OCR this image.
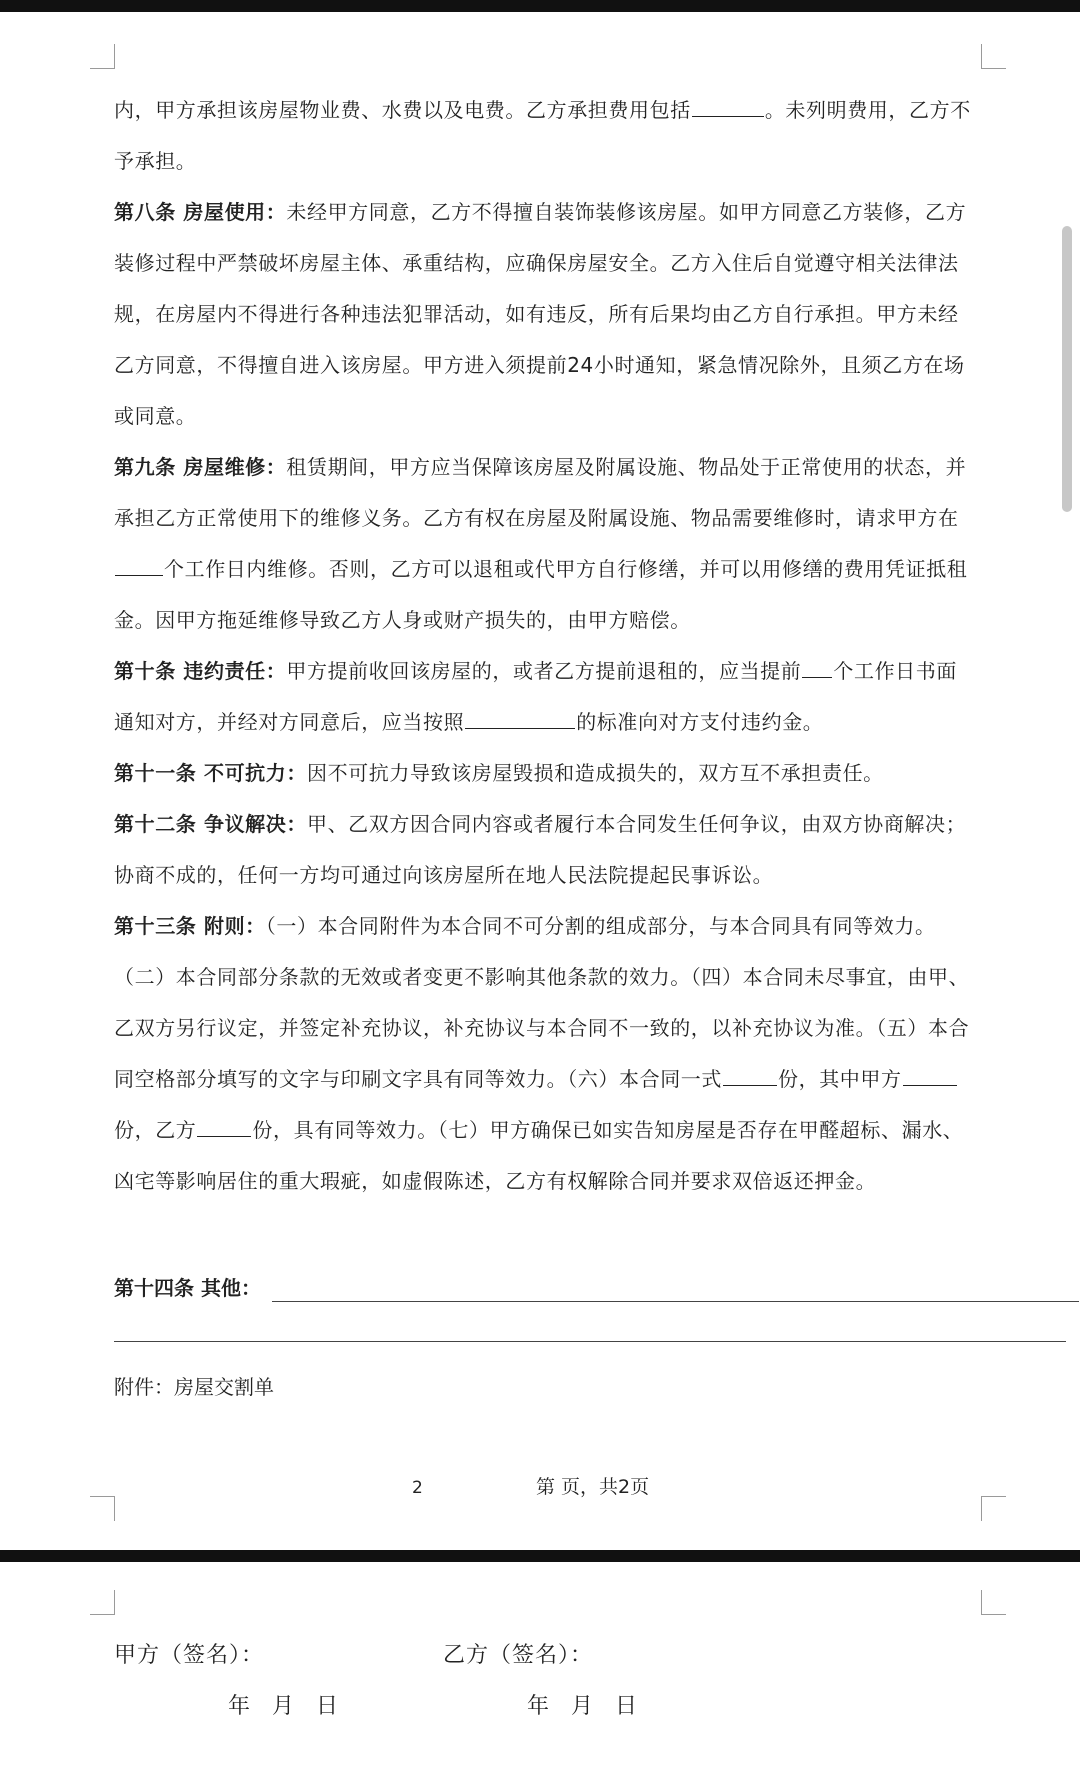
内，甲方承担该房屋物业费、水费以及电费。乙方承担费用包括	。未列明费用，乙方不予承担。

第八条 房屋使用：未经甲方同意，乙方不得擅自装饰装修该房屋。如甲方同意乙方装修，乙方装修过程中严禁破坏房屋主体、承重结构，应确保房屋安全。乙方入住后自觉遵守相关法律法规，在房屋内不得进行各种违法犯罪活动，如有违反，所有后果均由乙方自行承担。甲方未经乙方同意，不得擅自进入该房屋。甲方进入须提前24小时通知，紧急情况除外，且须乙方在场或同意。

第九条 房屋维修：租赁期间，甲方应当保障该房屋及附属设施、物品处于正常使用的状态，并承担乙方正常使用下的维修义务。乙方有权在房屋及附属设施、物品需要维修时，请求甲方在个工作日内维修。否则，乙方可以退租或代甲方自行修缮，并可以用修缮的费用凭证抵租金。因甲方拖延维修导致乙方人身或财产损失的，由甲方赔偿。

第十条 违约责任：甲方提前收回该房屋的，或者乙方提前退租的，应当提前 个工作日书面通知对方，并经对方同意后，应当按照	的标准向对方支付违约金。

第十一条 不可抗力：因不可抗力导致该房屋毁损和造成损失的，双方互不承担责任。

第十二条 争议解决：甲、乙双方因合同内容或者履行本合同发生任何争议，由双方协商解决；协商不成的，任何一方均可通过向该房屋所在地人民法院提起民事诉讼。

第十三条 附则：（一）本合同附件为本合同不可分割的组成部分，与本合同具有同等效力。（二）本合同部分条款的无效或者变更不影响其他条款的效力。（四）本合同未尽事宜，由甲、乙双方另行议定，并签定补充协议，补充协议与本合同不一致的，以补充协议为准。（五）本合同空格部分填写的文字与印刷文字具有同等效力。（六）本合同一式	份，其中甲方份，乙方	份，具有同等效力。（七）甲方确保已如实告知房屋是否存在甲醛超标、漏水、凶宅等影响居住的重大瑕疵，如虚假陈述，乙方有权解除合同并要求双倍返还押金。

第十四条 其他：
附件：房屋交割单
2	第 页，共2页
甲方（签名）：	乙方（签名）：
年 月 日	年 月 日
